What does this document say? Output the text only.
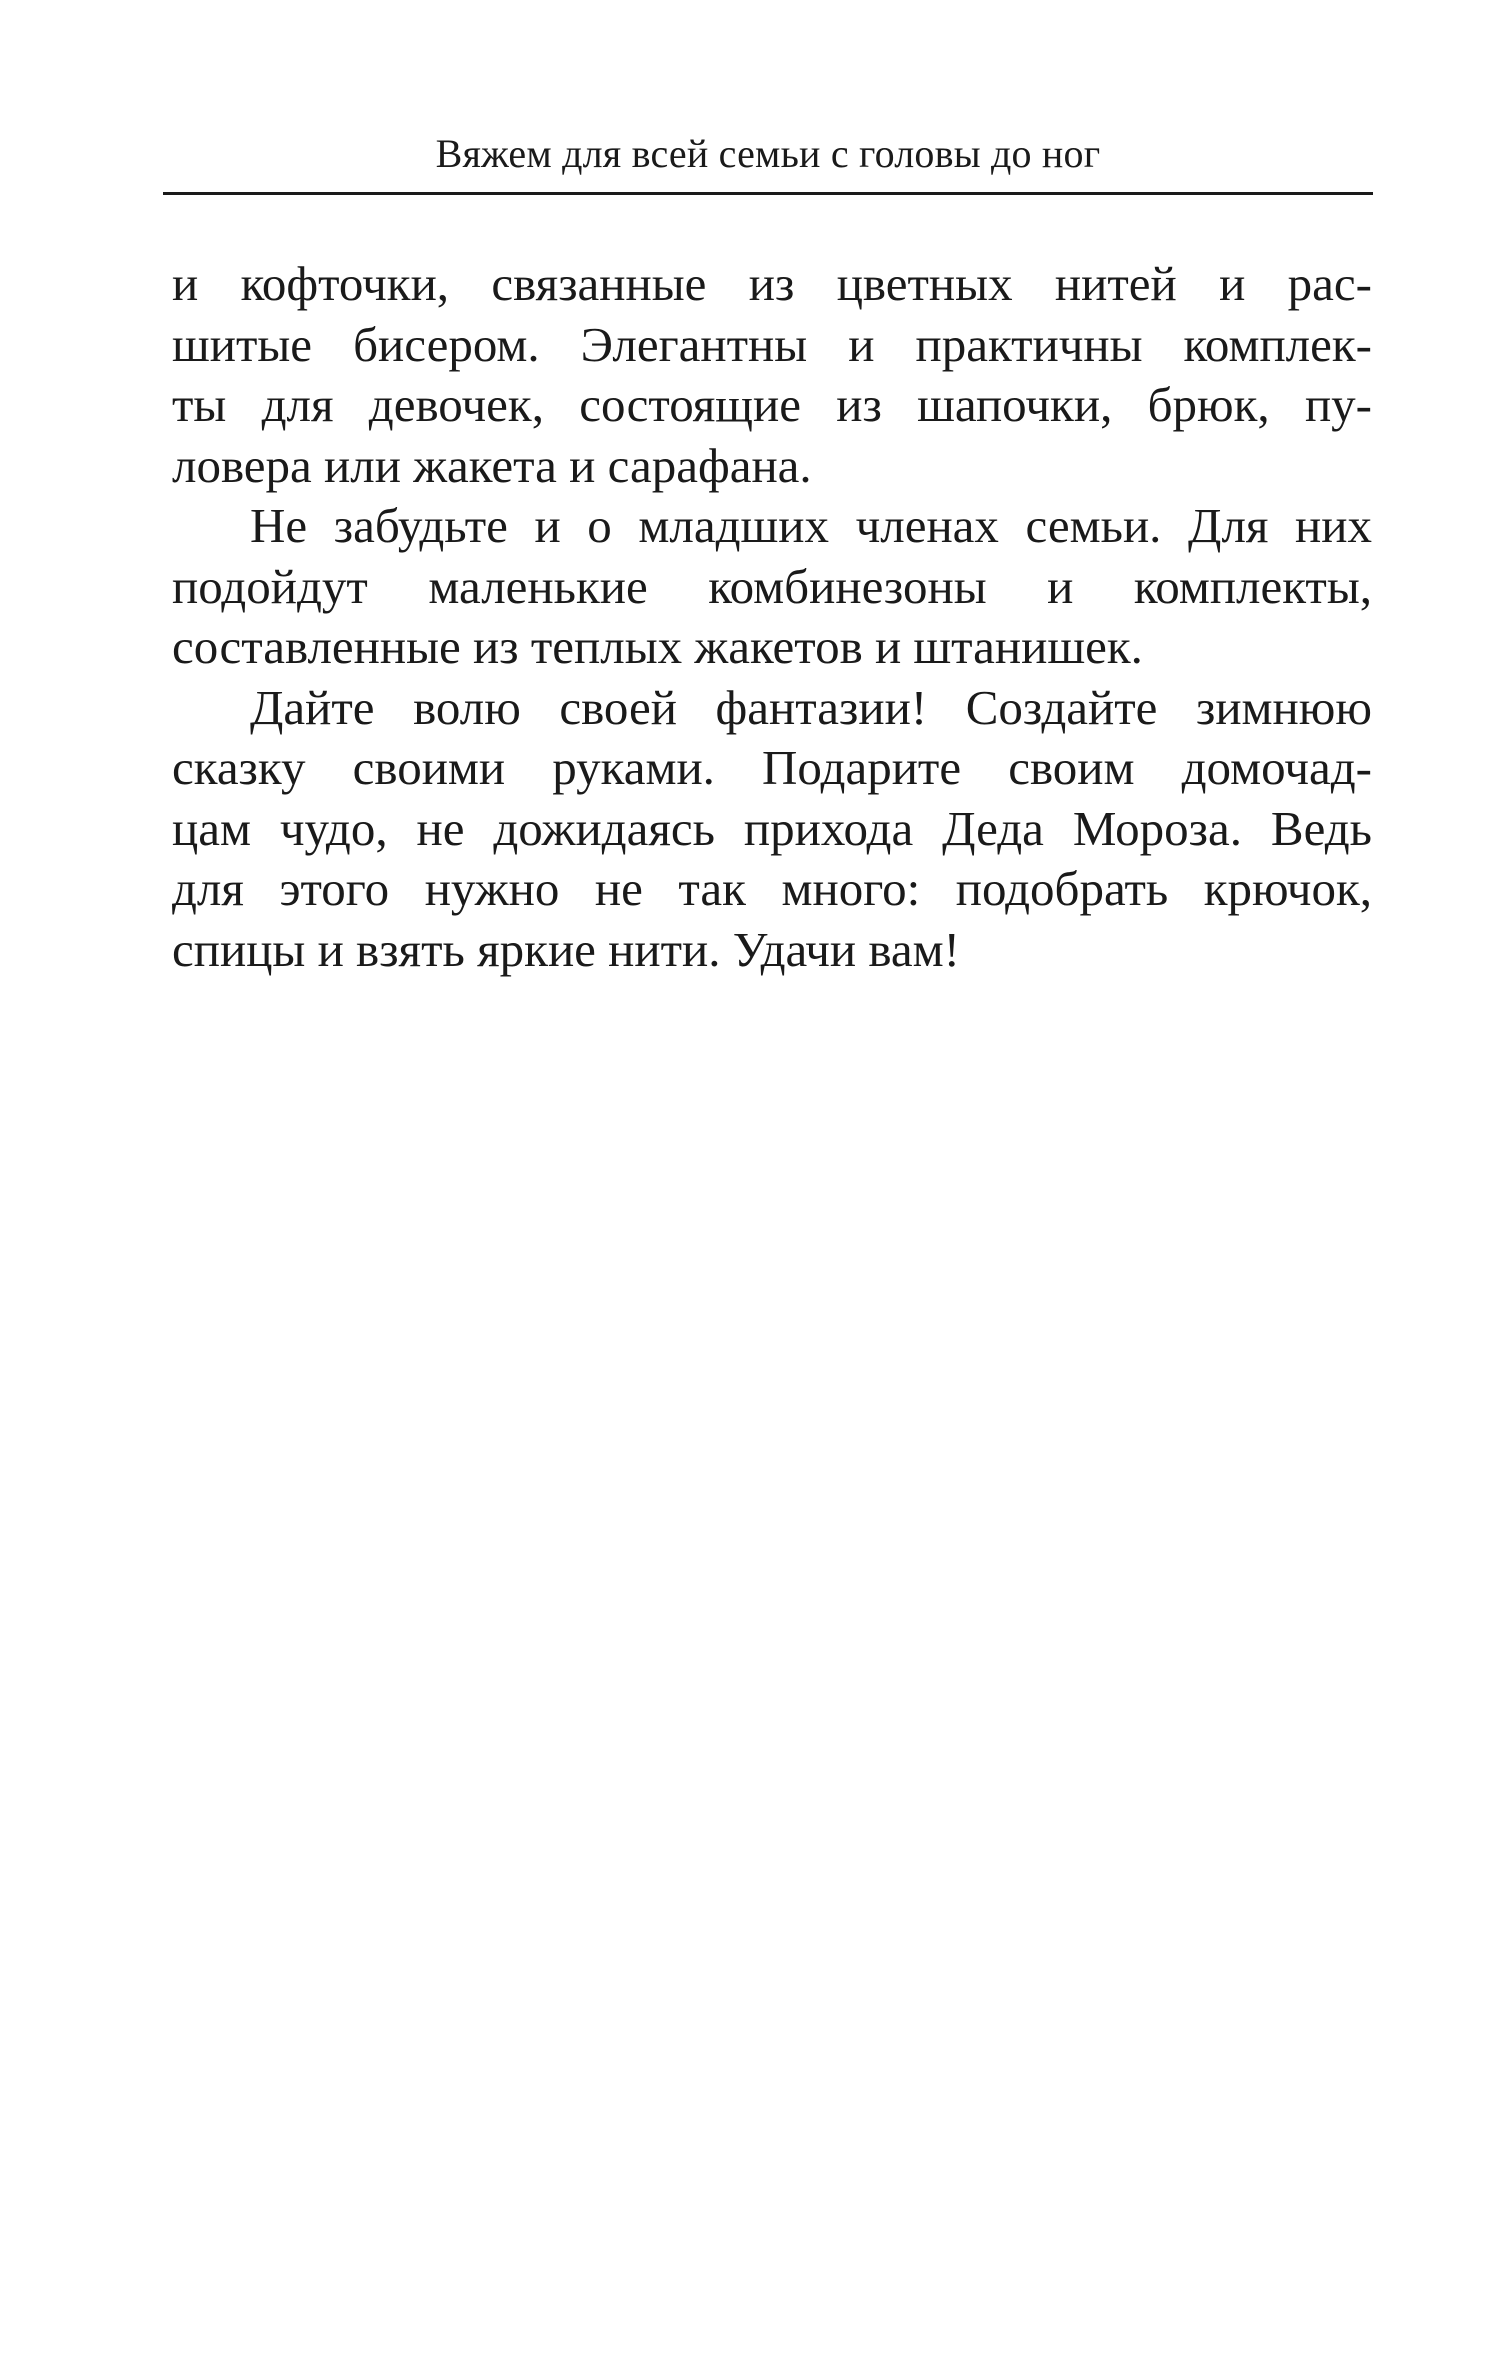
Вяжем для всей семьи с головы до ног
и кофточки, связанные из цветных нитей и рас-
шитые бисером. Элегантны и практичны комплек-
ты для девочек, состоящие из шапочки, брюк, пу-
ловера или жакета и сарафана.
Не забудьте и о младших членах семьи. Для них
подойдут маленькие комбинезоны и комплекты,
составленные из теплых жакетов и штанишек.
Дайте волю своей фантазии! Создайте зимнюю
сказку своими руками. Подарите своим домочад-
цам чудо, не дожидаясь прихода Деда Мороза. Ведь
для этого нужно не так много: подобрать крючок,
спицы и взять яркие нити. Удачи вам!
